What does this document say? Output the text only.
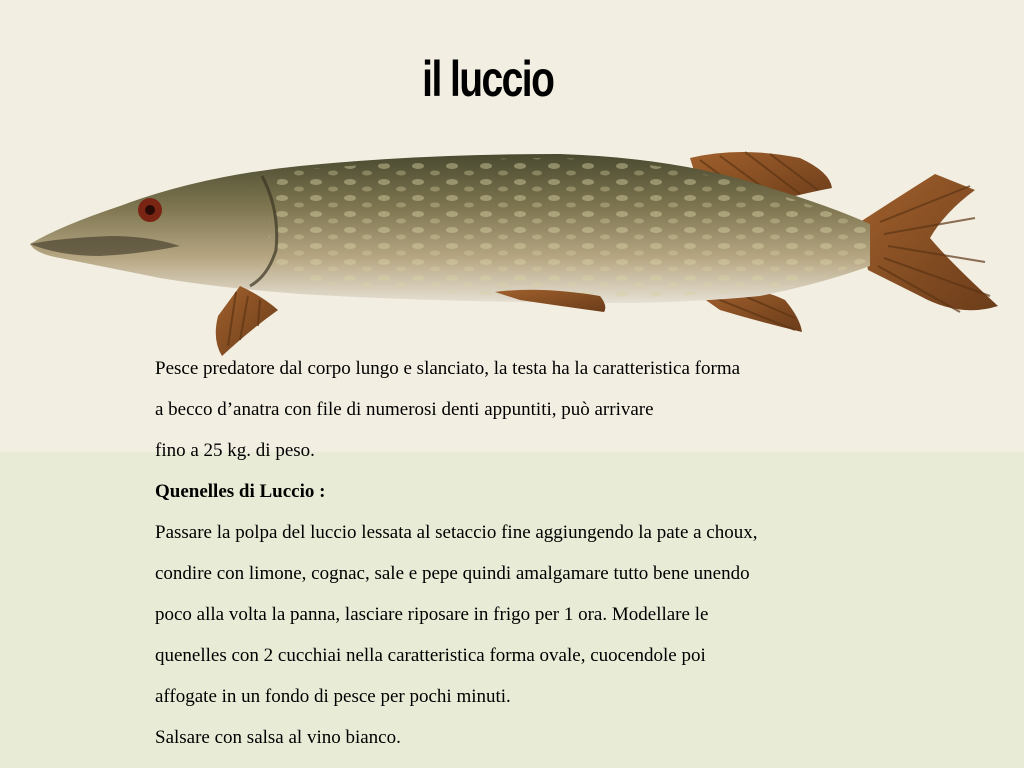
il luccio
Pesce predatore dal corpo lungo e slanciato, la testa ha la caratteristica forma
a becco d’anatra con file di numerosi denti appuntiti, può arrivare
fino a 25 kg. di peso.
Quenelles di Luccio :
Passare la polpa del luccio lessata al setaccio fine aggiungendo la pate a choux,
condire con limone, cognac, sale e pepe quindi amalgamare tutto bene unendo
poco alla volta la panna, lasciare riposare in frigo per 1 ora. Modellare le
quenelles con 2 cucchiai nella caratteristica forma ovale, cuocendole poi
affogate in un fondo di pesce per pochi minuti.
Salsare con salsa al vino bianco.
